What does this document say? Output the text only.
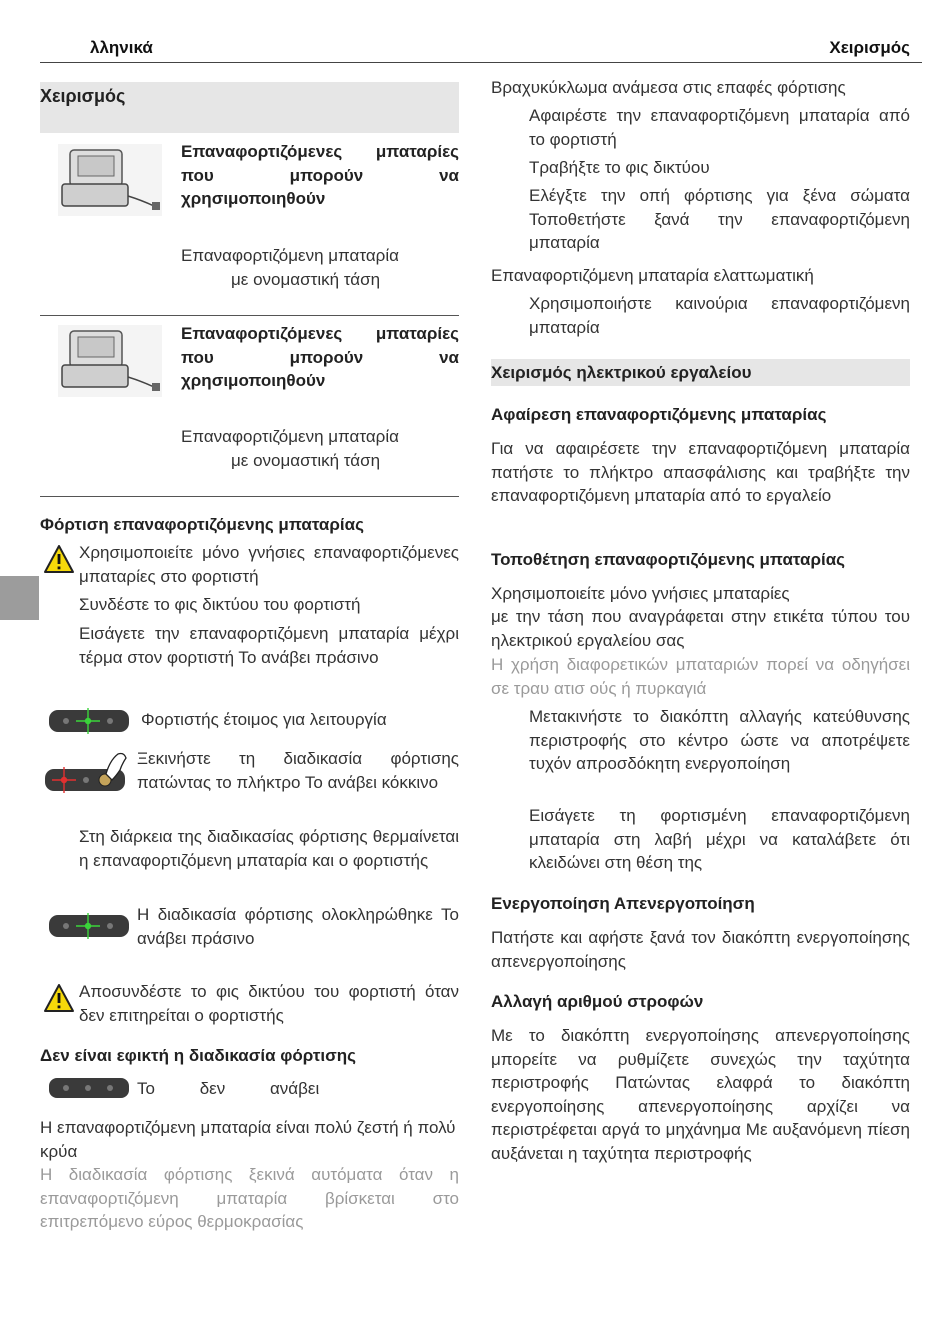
λληνικά	Χειρισμός
Χειρισμός
Επαναφορτιζόμενες μπαταρίες που μπορούν να χρησιμοποιηθούν
Επαναφορτιζόμενη μπαταρία
με ονομαστική τάση
Επαναφορτιζόμενες μπαταρίες που μπορούν να χρησιμοποιηθούν
Επαναφορτιζόμενη μπαταρία
με ονομαστική τάση
Φόρτιση επαναφορτιζόμενης μπαταρίας
Χρησιμοποιείτε μόνο γνήσιες επαναφορτιζόμενες μπαταρίες στο φορτιστή
Συνδέστε το φις δικτύου του φορτιστή
Εισάγετε την επαναφορτιζόμενη μπαταρία μέχρι τέρμα στον φορτιστή Το ανάβει πράσινο
Φορτιστής έτοιμος για λειτουργία
Ξεκινήστε τη διαδικασία φόρτισης πατώντας το πλήκτρο Το ανάβει κόκκινο
Στη διάρκεια της διαδικασίας φόρτισης θερμαίνεται η επαναφορτιζόμενη μπαταρία και ο φορτιστής
Η διαδικασία φόρτισης ολοκληρώθηκε Το ανάβει πράσινο
Αποσυνδέστε το φις δικτύου του φορτιστή όταν δεν επιτηρείται ο φορτιστής
Δεν είναι εφικτή η διαδικασία φόρτισης
Το δεν ανάβει
Η επαναφορτιζόμενη μπαταρία είναι πολύ ζεστή ή πολύ κρύα
Η διαδικασία φόρτισης ξεκινά αυτόματα όταν η επαναφορτιζόμενη μπαταρία βρίσκεται στο επιτρεπόμενο εύρος θερμοκρασίας
Βραχυκύκλωμα ανάμεσα στις επαφές φόρτισης
Αφαιρέστε την επαναφορτιζόμενη μπαταρία από το φορτιστή
Τραβήξτε το φις δικτύου
Ελέγξτε την οπή φόρτισης για ξένα σώματα Τοποθετήστε ξανά την επαναφορτιζόμενη μπαταρία
Επαναφορτιζόμενη μπαταρία ελαττωματική
Χρησιμοποιήστε καινούρια επαναφορτιζόμενη μπαταρία
Χειρισμός ηλεκτρικού εργαλείου
Αφαίρεση επαναφορτιζόμενης μπαταρίας
Για να αφαιρέσετε την επαναφορτιζόμενη μπαταρία πατήστε το πλήκτρο απασφάλισης και τραβήξτε την επαναφορτιζόμενη μπαταρία από το εργαλείο
Τοποθέτηση επαναφορτιζόμενης μπαταρίας
Χρησιμοποιείτε μόνο γνήσιες μπαταρίες
με την τάση που αναγράφεται στην ετικέτα τύπου του ηλεκτρικού εργαλείου σας
Η χρήση διαφορετικών μπαταριών πορεί να οδηγήσει σε τραυ ατισ ούς ή πυρκαγιά
Μετακινήστε το διακόπτη αλλαγής κατεύθυνσης περιστροφής στο κέντρο ώστε να αποτρέψετε τυχόν απροσδόκητη ενεργοποίηση
Εισάγετε τη φορτισμένη επαναφορτιζόμενη μπαταρία στη λαβή μέχρι να καταλάβετε ότι κλειδώνει στη θέση της
Ενεργοποίηση Απενεργοποίηση
Πατήστε και αφήστε ξανά τον διακόπτη ενεργοποίησης απενεργοποίησης
Αλλαγή αριθμού στροφών
Με το διακόπτη ενεργοποίησης απενεργοποίησης μπορείτε να ρυθμίζετε συνεχώς την ταχύτητα περιστροφής Πατώντας ελαφρά το διακόπτη ενεργοποίησης απενεργοποίησης αρχίζει να περιστρέφεται αργά το μηχάνημα Με αυξανόμενη πίεση αυξάνεται η ταχύτητα περιστροφής
